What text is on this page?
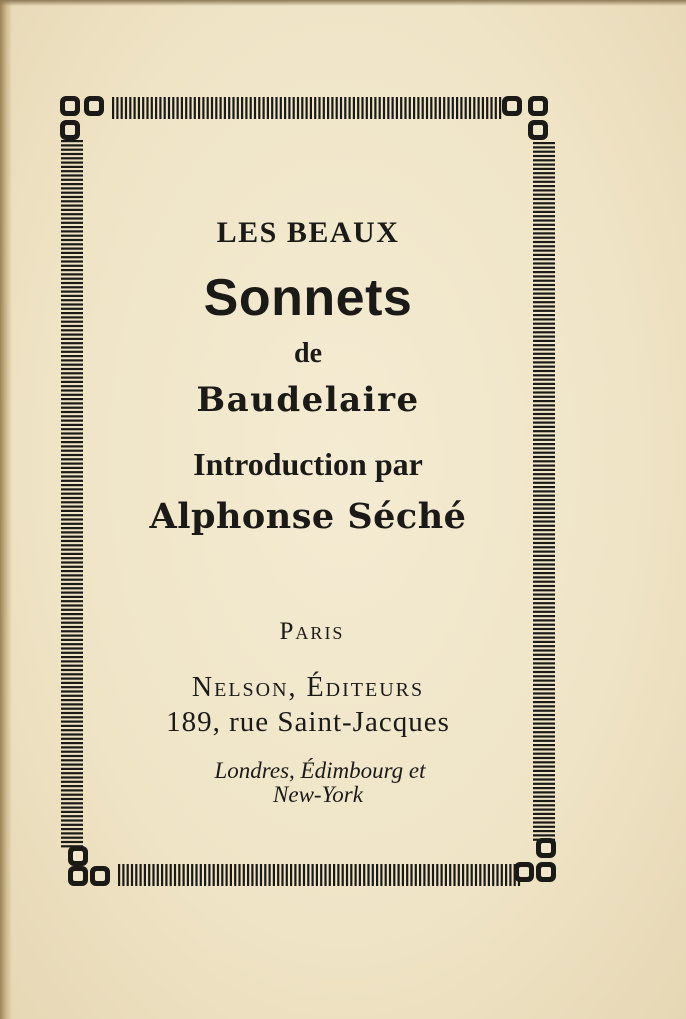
LES BEAUX

Sonnets

de

Baudelaire

Introduction par

Alphonse Séché

Paris

Nelson, Éditeurs

189, rue Saint-Jacques

Londres, Édimbourg et

New-York
